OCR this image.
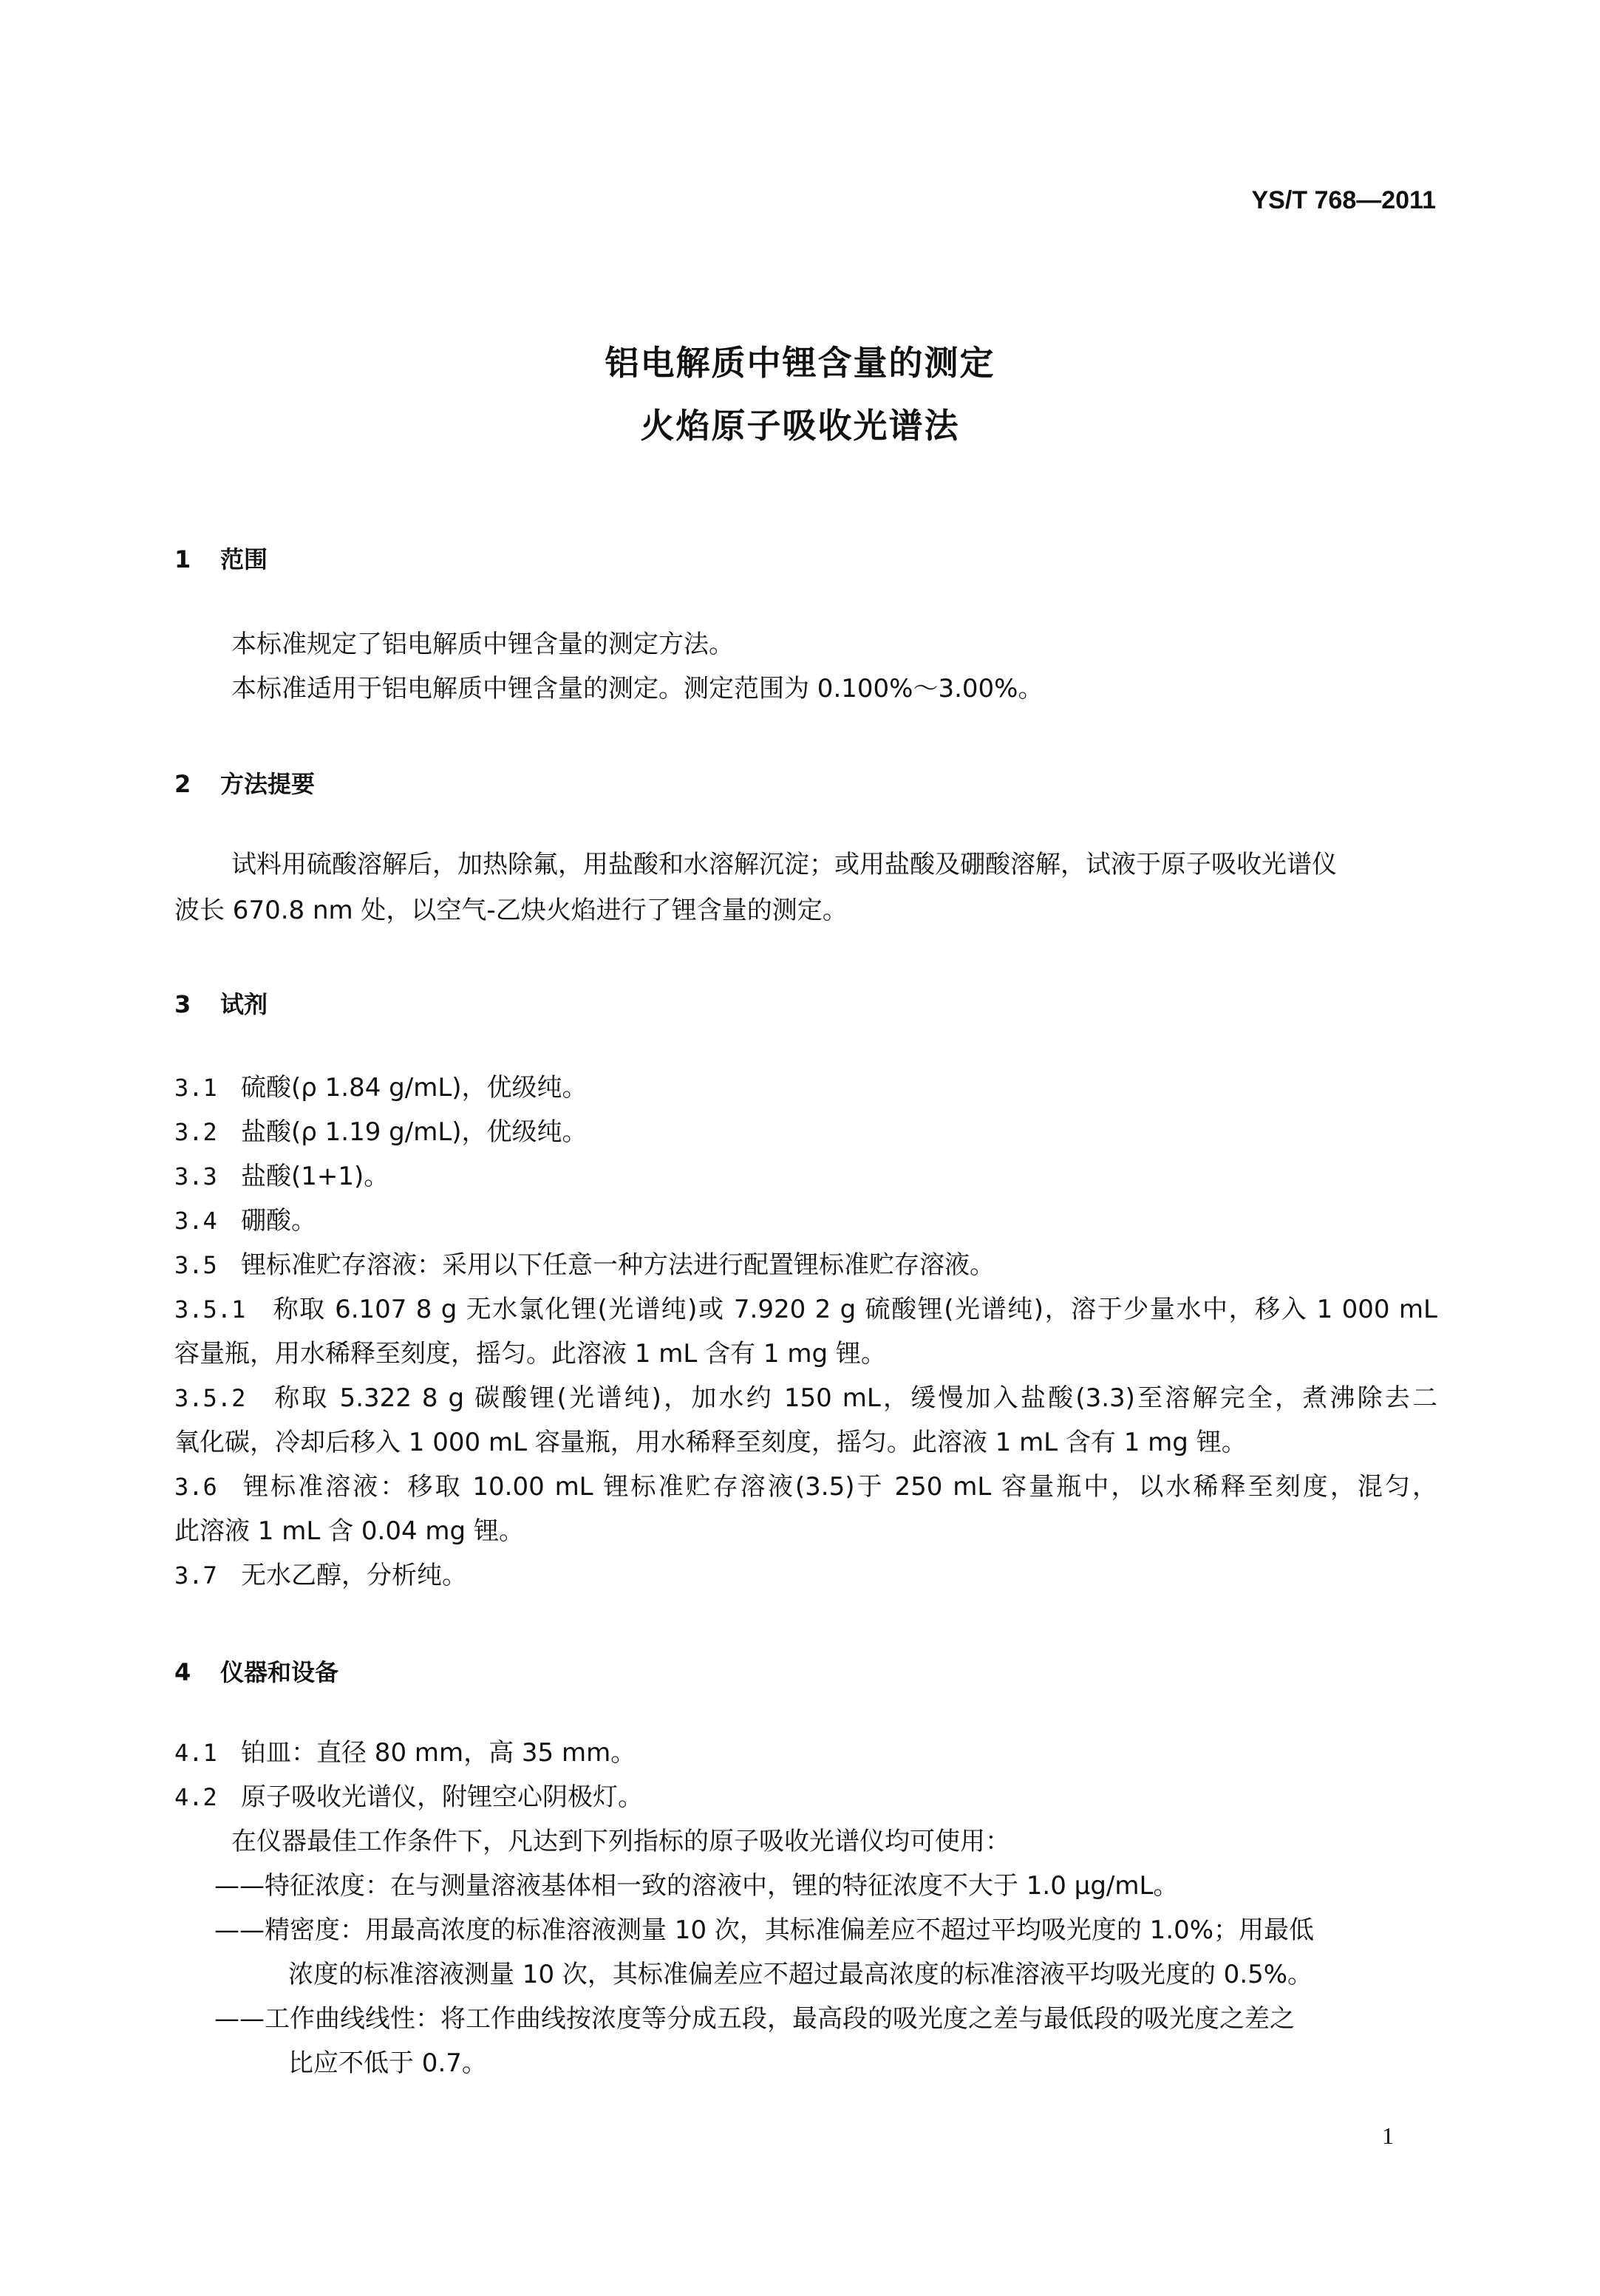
YS/T 768—2011
铝电解质中锂含量的测定
火焰原子吸收光谱法
1 范围
本标准规定了铝电解质中锂含量的测定方法。
本标准适用于铝电解质中锂含量的测定。测定范围为 0.100%～3.00%。
2 方法提要
试料用硫酸溶解后，加热除氟，用盐酸和水溶解沉淀；或用盐酸及硼酸溶解，试液于原子吸收光谱仪
波长 670.8 nm 处，以空气-乙炔火焰进行了锂含量的测定。
3 试剂
3.1 硫酸(ρ 1.84 g/mL)，优级纯。
3.2 盐酸(ρ 1.19 g/mL)，优级纯。
3.3 盐酸(1+1)。
3.4 硼酸。
3.5 锂标准贮存溶液：采用以下任意一种方法进行配置锂标准贮存溶液。
3.5.1 称取 6.107 8 g 无水氯化锂(光谱纯)或 7.920 2 g 硫酸锂(光谱纯)，溶于少量水中，移入 1 000 mL
容量瓶，用水稀释至刻度，摇匀。此溶液 1 mL 含有 1 mg 锂。
3.5.2 称取 5.322 8 g 碳酸锂(光谱纯)，加水约 150 mL，缓慢加入盐酸(3.3)至溶解完全，煮沸除去二
氧化碳，冷却后移入 1 000 mL 容量瓶，用水稀释至刻度，摇匀。此溶液 1 mL 含有 1 mg 锂。
3.6 锂标准溶液：移取 10.00 mL 锂标准贮存溶液(3.5)于 250 mL 容量瓶中，以水稀释至刻度，混匀，
此溶液 1 mL 含 0.04 mg 锂。
3.7 无水乙醇，分析纯。
4 仪器和设备
4.1 铂皿：直径 80 mm，高 35 mm。
4.2 原子吸收光谱仪，附锂空心阴极灯。
在仪器最佳工作条件下，凡达到下列指标的原子吸收光谱仪均可使用：
——特征浓度：在与测量溶液基体相一致的溶液中，锂的特征浓度不大于 1.0 μg/mL。
——精密度：用最高浓度的标准溶液测量 10 次，其标准偏差应不超过平均吸光度的 1.0%；用最低
浓度的标准溶液测量 10 次，其标准偏差应不超过最高浓度的标准溶液平均吸光度的 0.5%。
——工作曲线线性：将工作曲线按浓度等分成五段，最高段的吸光度之差与最低段的吸光度之差之
比应不低于 0.7。
1
